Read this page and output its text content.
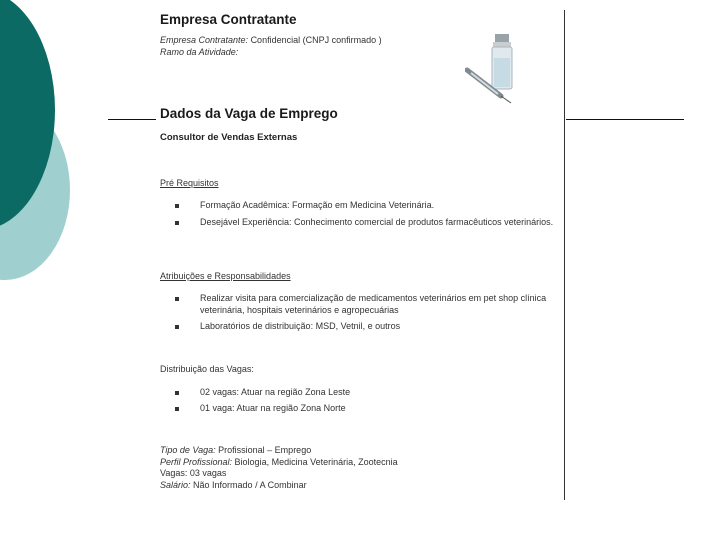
Empresa Contratante
Empresa Contratante: Confidencial (CNPJ confirmado )
Ramo da Atividade:
Dados da Vaga de Emprego
Consultor de Vendas Externas
Pré Requisitos
Formação Acadêmica: Formação em Medicina Veterinária.
Desejável Experiência: Conhecimento comercial de produtos farmacêuticos veterinários.
Atribuições e Responsabilidades
Realizar visita para comercialização de medicamentos veterinários em pet shop clínica veterinária, hospitais veterinários e agropecuárias
Laboratórios de distribuição: MSD, Vetnil, e outros
Distribuição das Vagas:
02 vagas: Atuar na região Zona Leste
01 vaga: Atuar na região Zona Norte
Tipo de Vaga: Profissional – Emprego
Perfil Profissional: Biologia, Medicina Veterinária, Zootecnia
Vagas: 03 vagas
Salário: Não Informado / A Combinar
